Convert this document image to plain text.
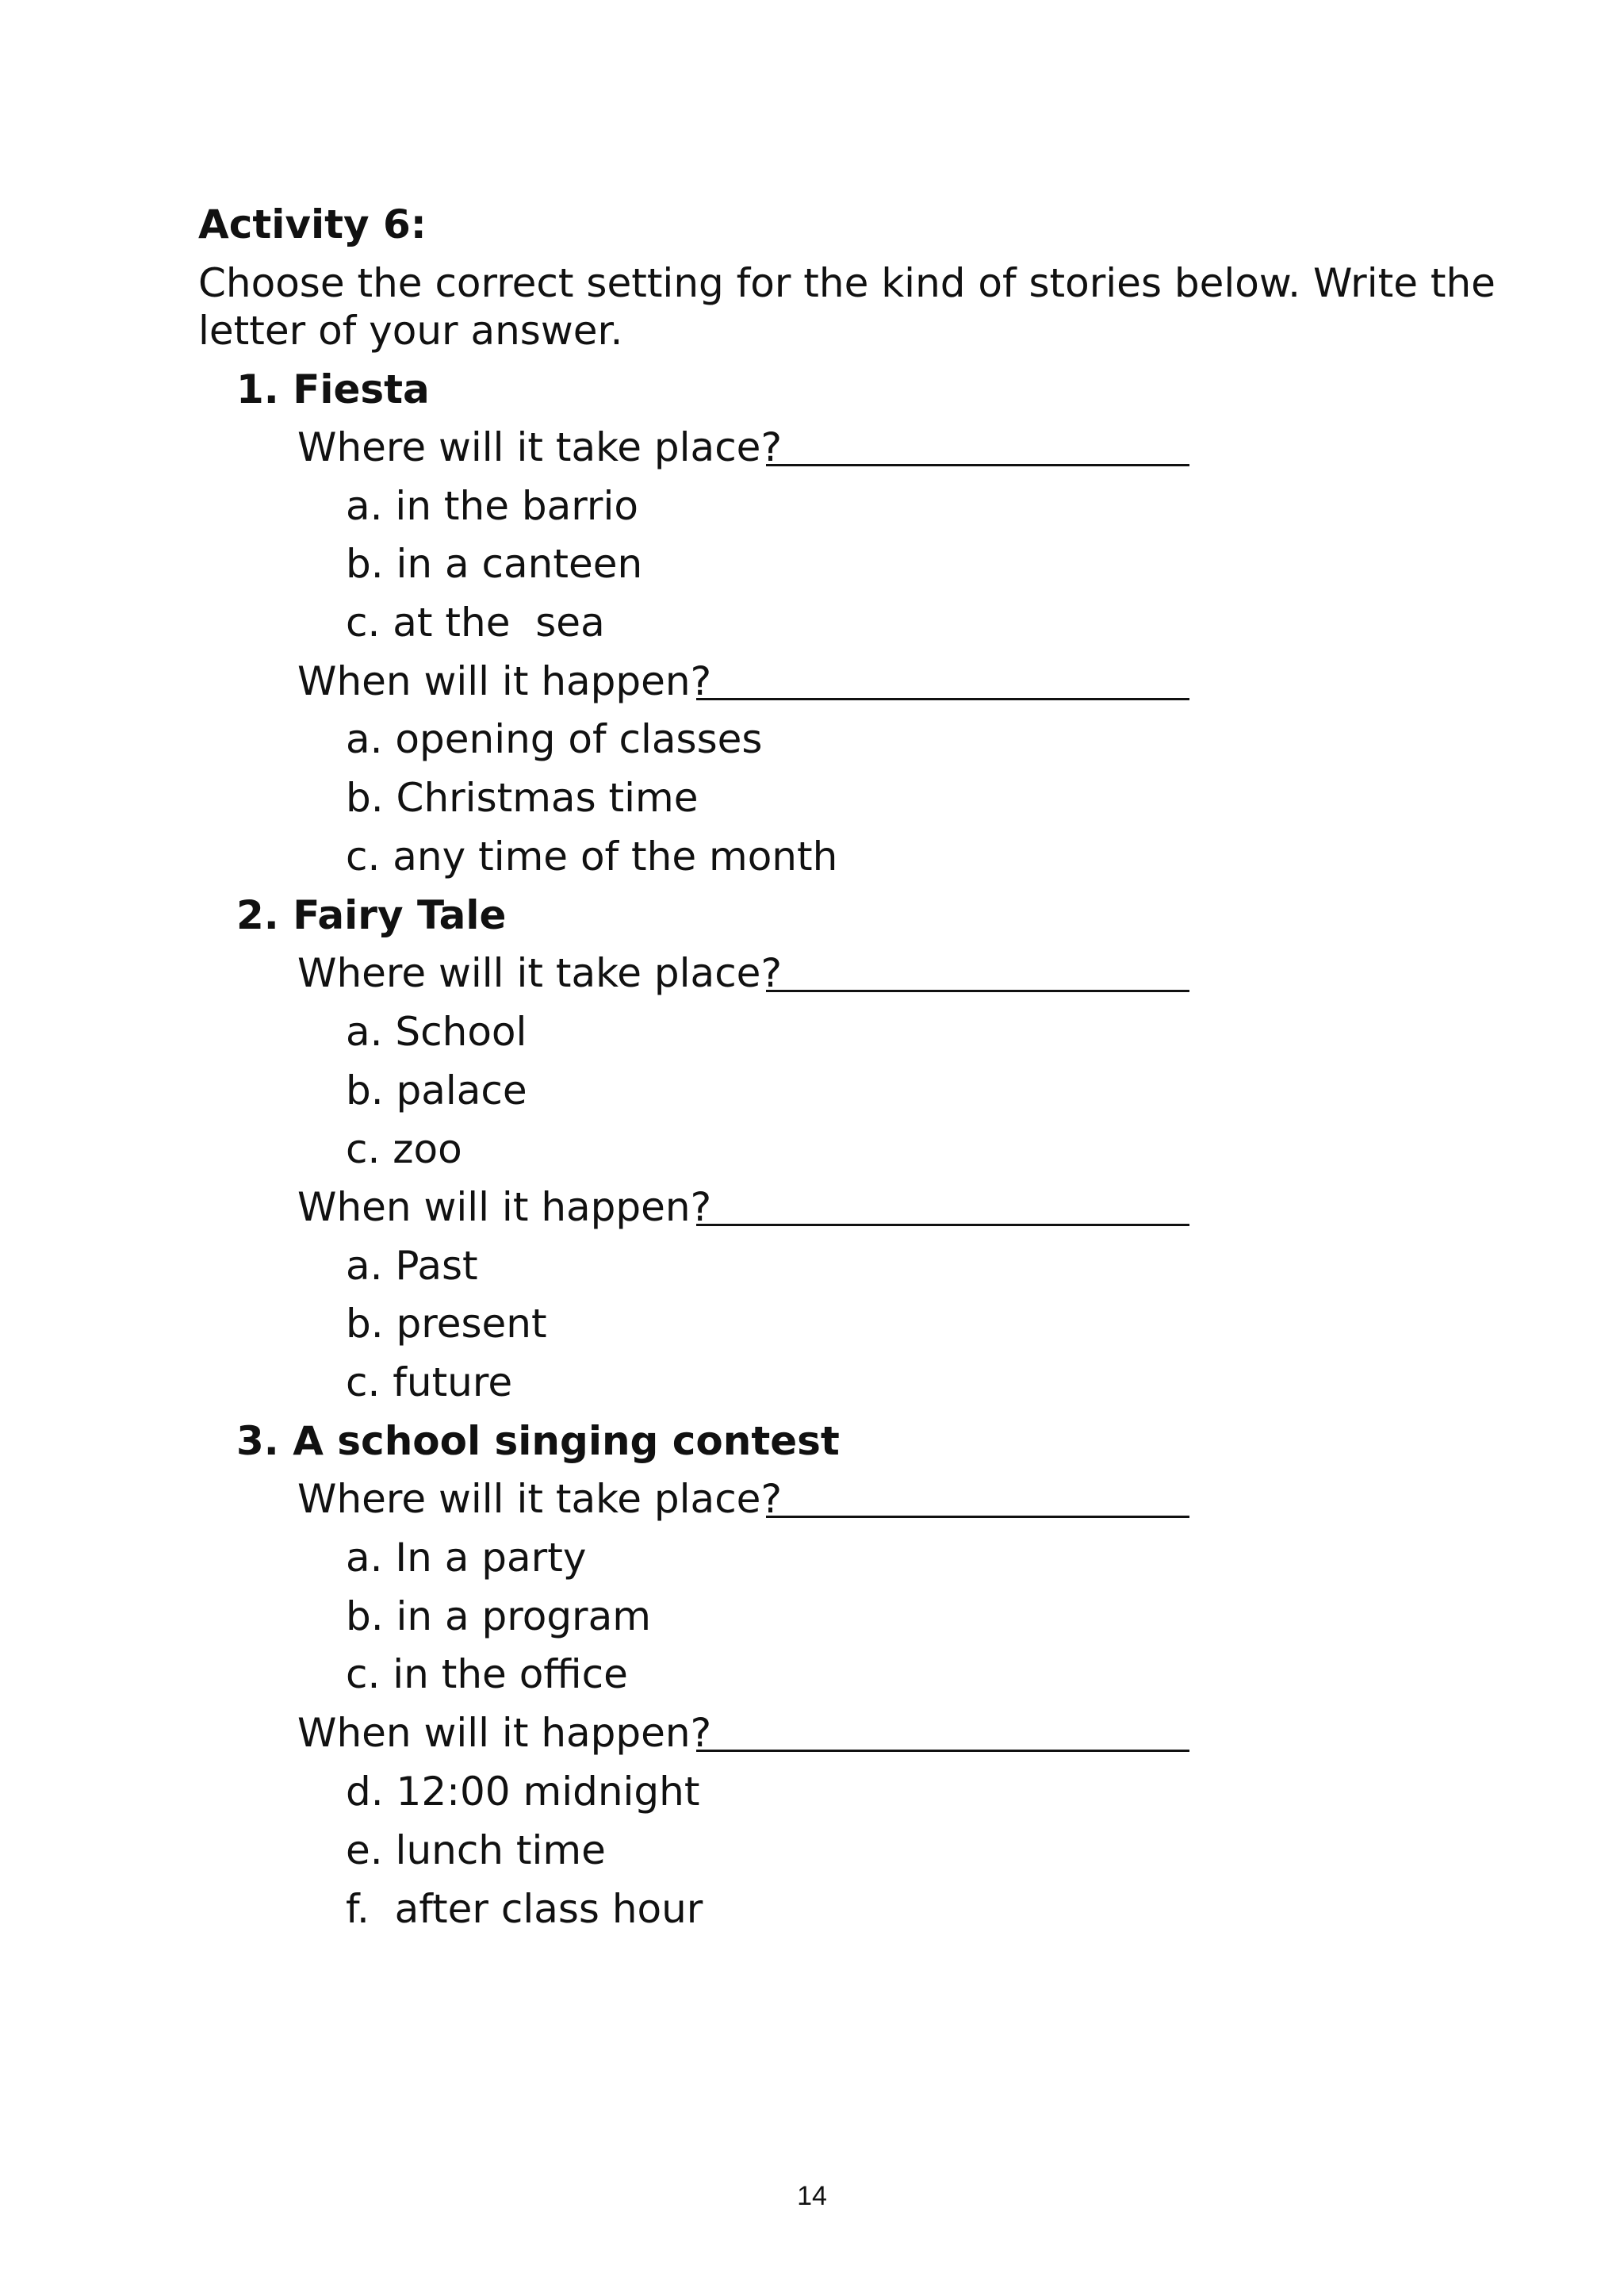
Activity 6:
Choose the correct setting for the kind of stories below. Write the
letter of your answer.
1. Fiesta
Where will it take place?
a. in the barrio
b. in a canteen
c. at the  sea
When will it happen?
a. opening of classes
b. Christmas time
c. any time of the month
2. Fairy Tale
Where will it take place?
a. School
b. palace
c. zoo
When will it happen?
a. Past
b. present
c. future
3. A school singing contest
Where will it take place?
a. In a party
b. in a program
c. in the office
When will it happen?
d. 12:00 midnight
e. lunch time
f.  after class hour
14
